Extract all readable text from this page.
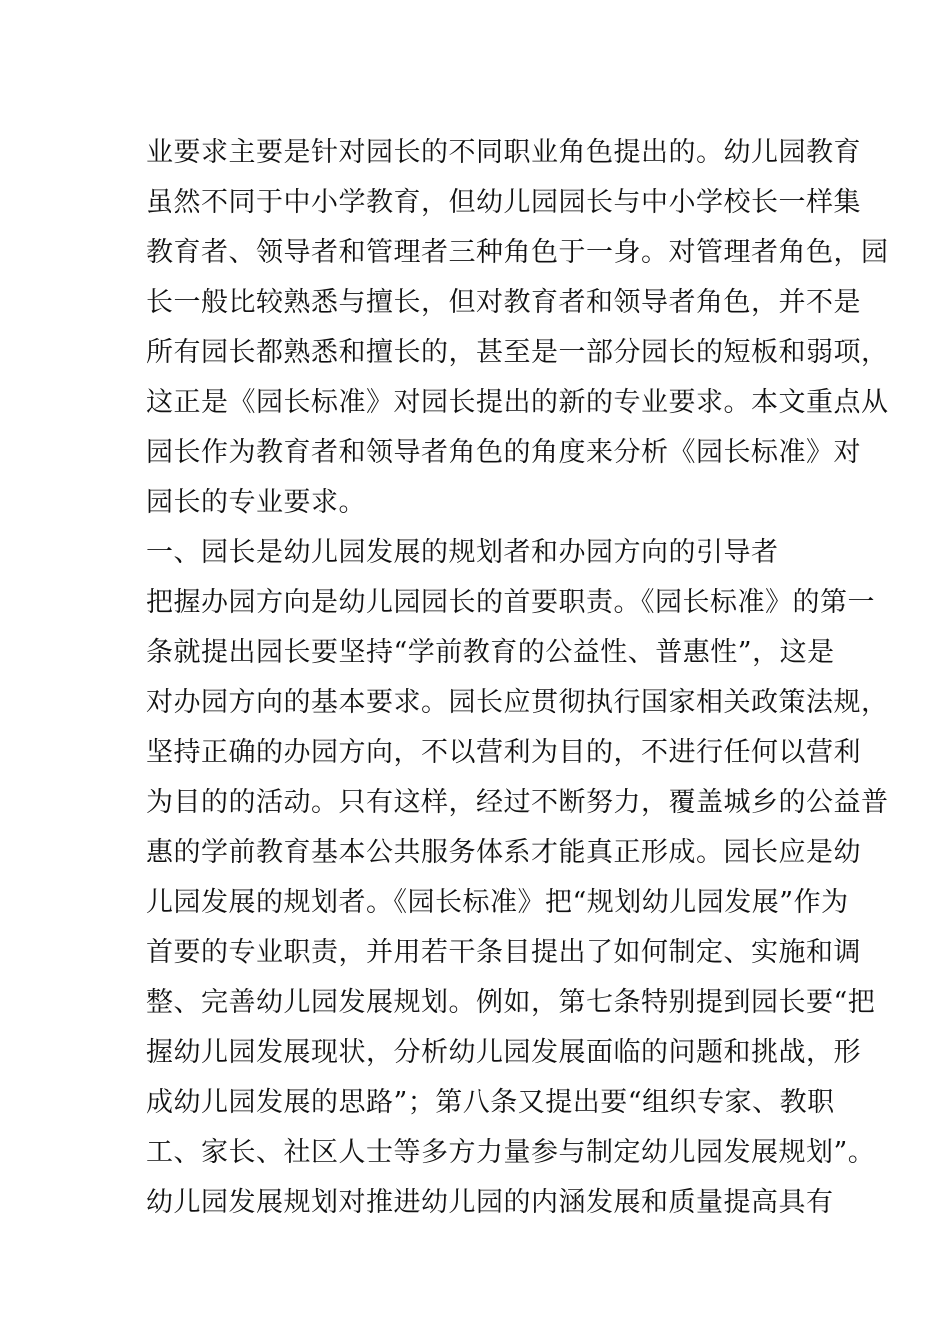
业要求主要是针对园长的不同职业角色提出的。幼儿园教育
虽然不同于中小学教育，但幼儿园园长与中小学校长一样集
教育者、领导者和管理者三种角色于一身。对管理者角色，园
长一般比较熟悉与擅长，但对教育者和领导者角色，并不是
所有园长都熟悉和擅长的，甚至是一部分园长的短板和弱项，
这正是《园长标准》对园长提出的新的专业要求。本文重点从
园长作为教育者和领导者角色的角度来分析《园长标准》对
园长的专业要求。
一、园长是幼儿园发展的规划者和办园方向的引导者
把握办园方向是幼儿园园长的首要职责。《园长标准》的第一
条就提出园长要坚持“学前教育的公益性、普惠性”，这是
对办园方向的基本要求。园长应贯彻执行国家相关政策法规，
坚持正确的办园方向，不以营利为目的，不进行任何以营利
为目的的活动。只有这样，经过不断努力，覆盖城乡的公益普
惠的学前教育基本公共服务体系才能真正形成。园长应是幼
儿园发展的规划者。《园长标准》把“规划幼儿园发展”作为
首要的专业职责，并用若干条目提出了如何制定、实施和调
整、完善幼儿园发展规划。例如，第七条特别提到园长要“把
握幼儿园发展现状，分析幼儿园发展面临的问题和挑战，形
成幼儿园发展的思路”；第八条又提出要“组织专家、教职
工、家长、社区人士等多方力量参与制定幼儿园发展规划”。
幼儿园发展规划对推进幼儿园的内涵发展和质量提高具有
